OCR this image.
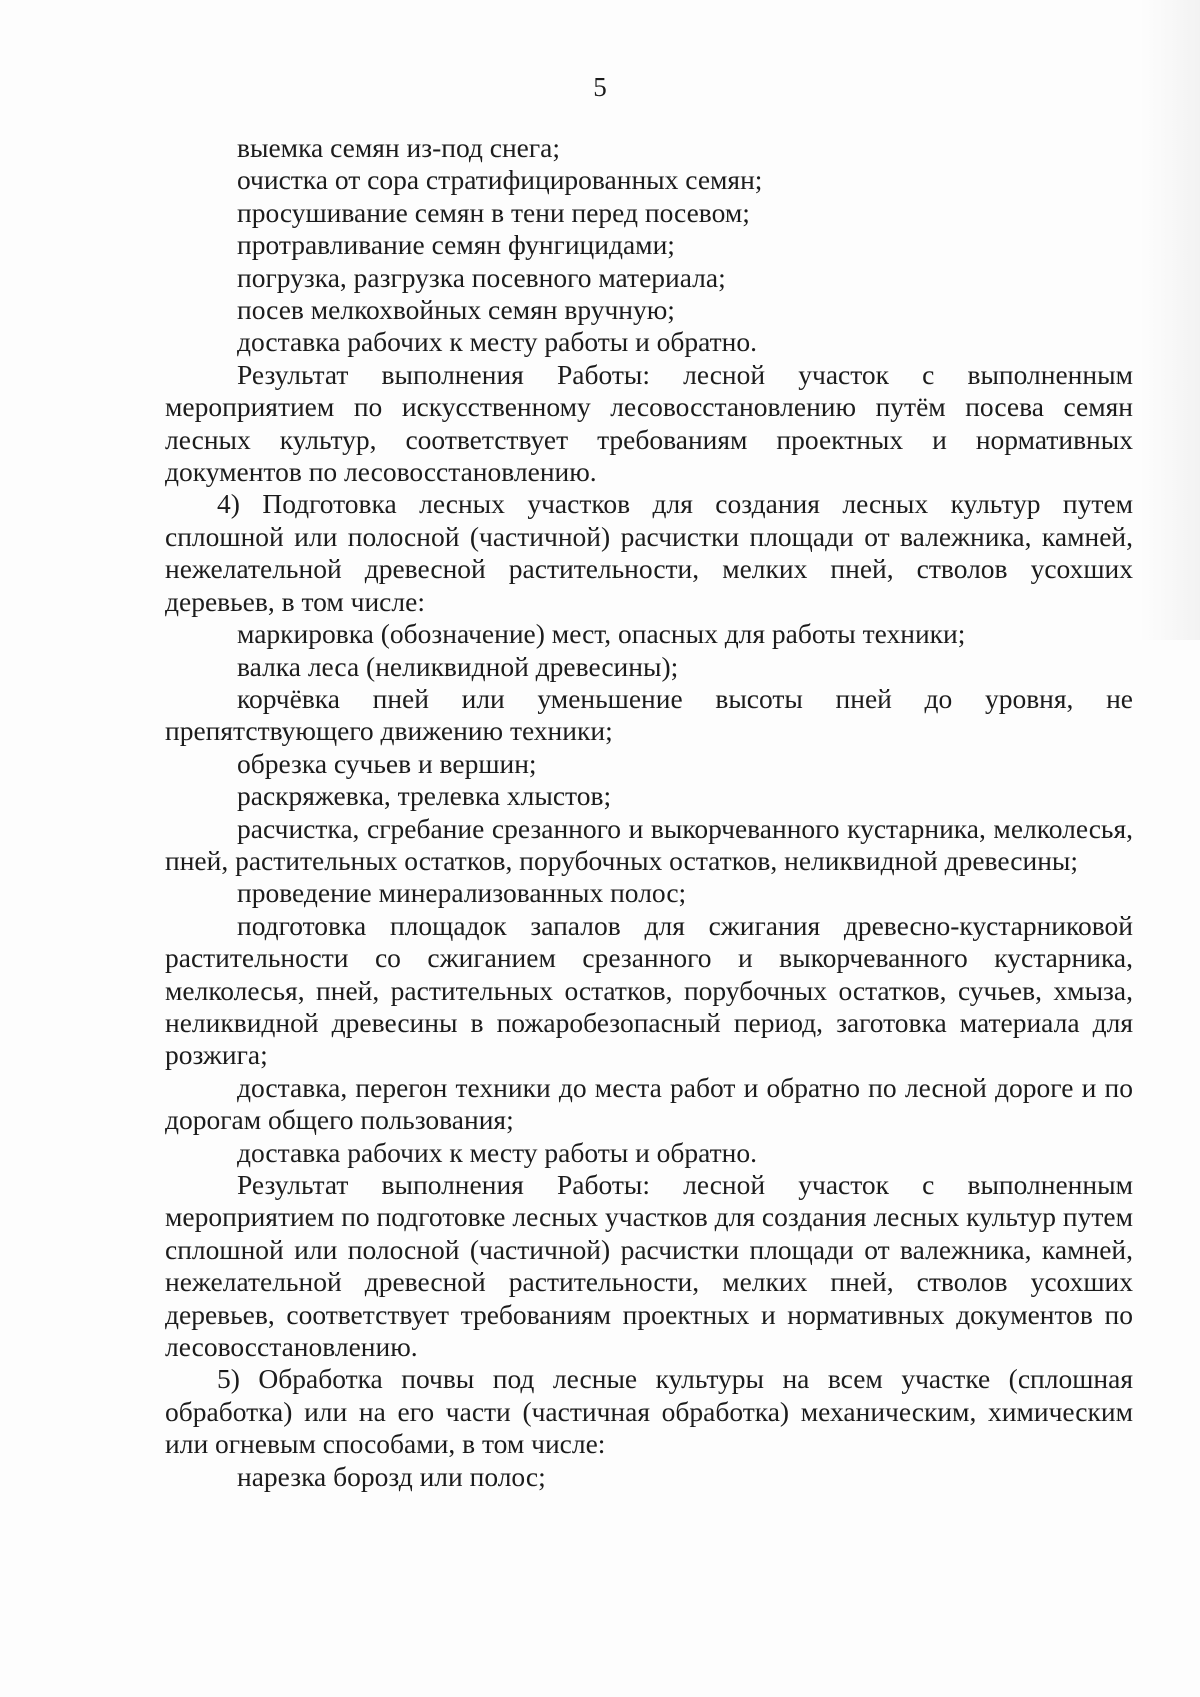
5

выемка семян из-под снега;

очистка от сора стратифицированных семян;

просушивание семян в тени перед посевом;

протравливание семян фунгицидами;

погрузка, разгрузка посевного материала;

посев мелкохвойных семян вручную;

доставка рабочих к месту работы и обратно.

Результат выполнения Работы: лесной участок с выполненным мероприятием по искусственному лесовосстановлению путём посева семян лесных культур, соответствует требованиям проектных и нормативных документов по лесовосстановлению.

4) Подготовка лесных участков для создания лесных культур путем сплошной или полосной (частичной) расчистки площади от валежника, камней, нежелательной древесной растительности, мелких пней, стволов усохших деревьев, в том числе:

маркировка (обозначение) мест, опасных для работы техники;

валка леса (неликвидной древесины);

корчёвка пней или уменьшение высоты пней до уровня, не препятствующего движению техники;

обрезка сучьев и вершин;

раскряжевка, трелевка хлыстов;

расчистка, сгребание срезанного и выкорчеванного кустарника, мелколесья, пней, растительных остатков, порубочных остатков, неликвидной древесины;

проведение минерализованных полос;

подготовка площадок запалов для сжигания древесно-кустарниковой растительности со сжиганием срезанного и выкорчеванного кустарника, мелколесья, пней, растительных остатков, порубочных остатков, сучьев, хмыза, неликвидной древесины в пожаробезопасный период, заготовка материала для розжига;

доставка, перегон техники до места работ и обратно по лесной дороге и по дорогам общего пользования;

доставка рабочих к месту работы и обратно.

Результат выполнения Работы: лесной участок с выполненным мероприятием по подготовке лесных участков для создания лесных культур путем сплошной или полосной (частичной) расчистки площади от валежника, камней, нежелательной древесной растительности, мелких пней, стволов усохших деревьев, соответствует требованиям проектных и нормативных документов по лесовосстановлению.

5) Обработка почвы под лесные культуры на всем участке (сплошная обработка) или на его части (частичная обработка) механическим, химическим или огневым способами, в том числе:

нарезка борозд или полос;
